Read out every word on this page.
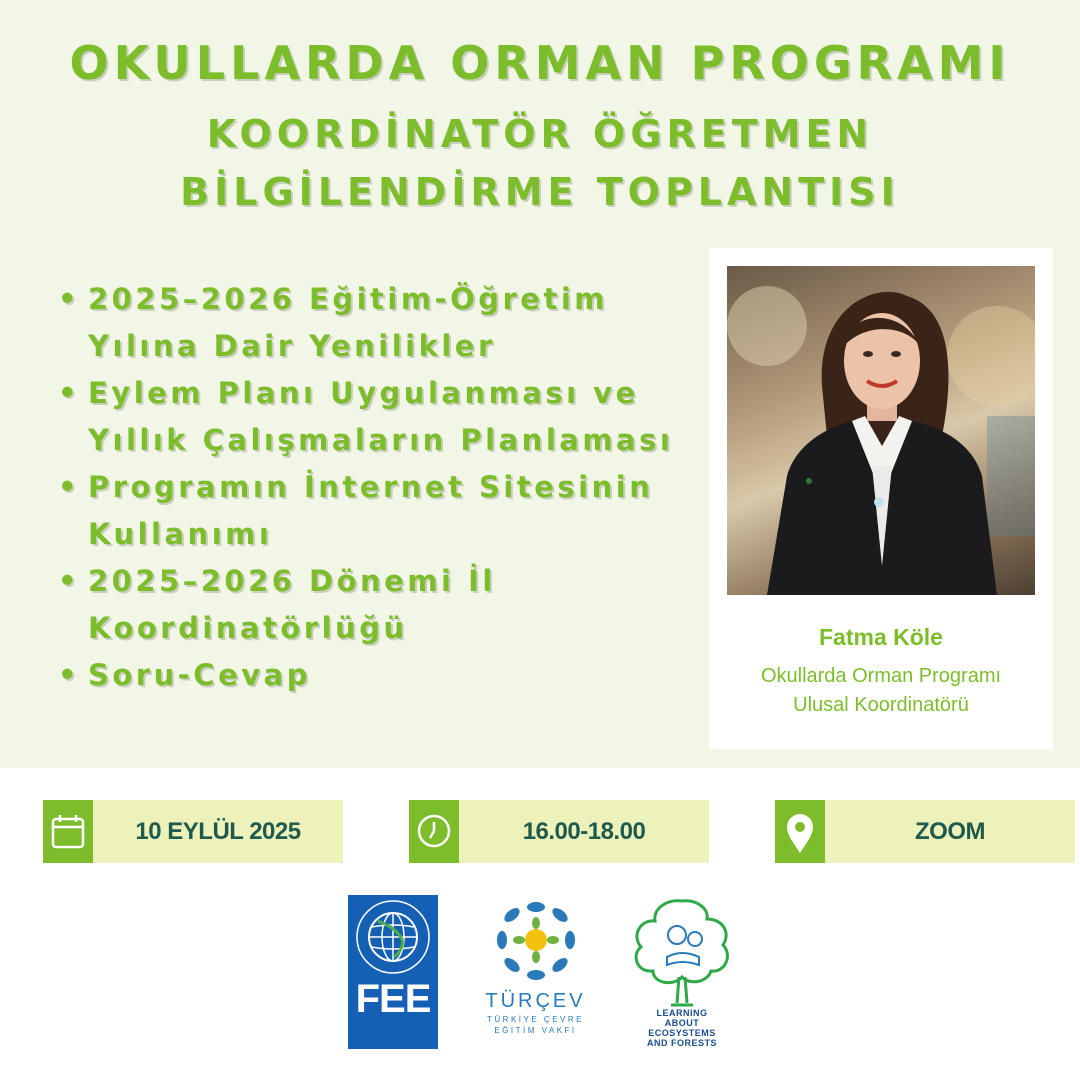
OKULLARDA ORMAN PROGRAMI
KOORDİNATÖR ÖĞRETMEN
BİLGİLENDİRME TOPLANTISI
• 2025–2026 Eğitim-Öğretim Yılına Dair Yenilikler
• Eylem Planı Uygulanması ve Yıllık Çalışmaların Planlaması
• Programın İnternet Sitesinin Kullanımı
• 2025–2026 Dönemi İl Koordinatörlüğü
• Soru-Cevap
Fatma Köle
Okullarda Orman Programı
Ulusal Koordinatörü
10 EYLÜL 2025	16.00-18.00	ZOOM
FEE	TÜRÇEV
TÜRKİYE ÇEVRE
EĞİTİM VAKFI
LEARNING
ABOUT
ECOSYSTEMS
AND FORESTS
